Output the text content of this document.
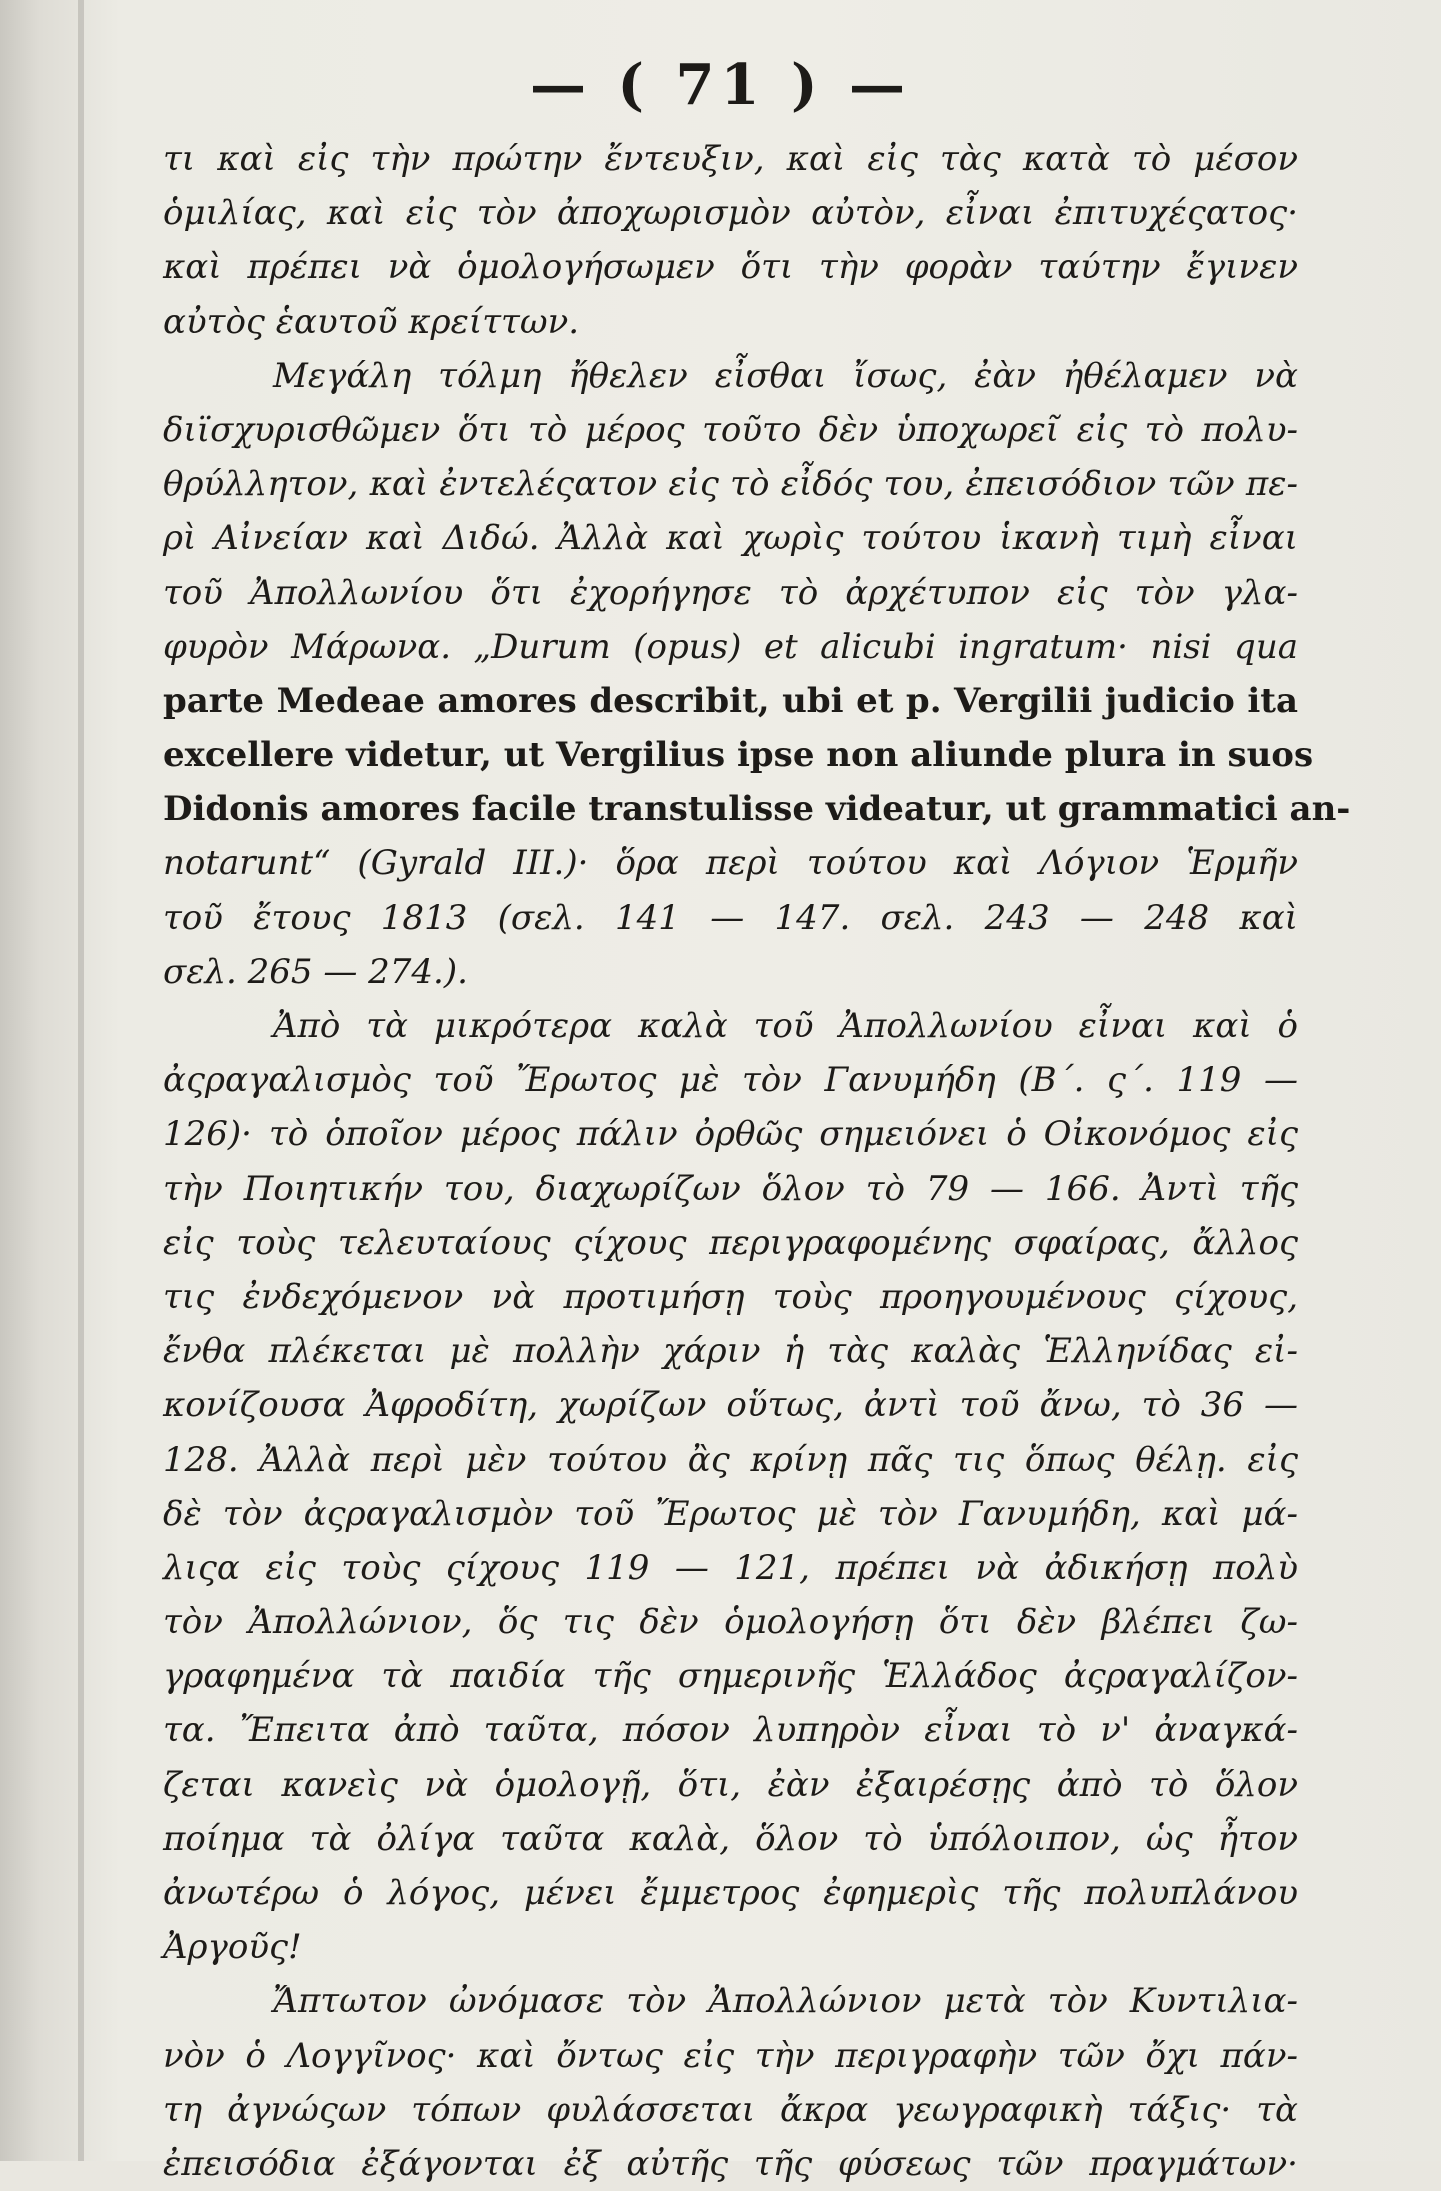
— ( 71 ) —
τι καὶ εἰς τὴν πρώτην ἔντευξιν, καὶ εἰς τὰς κατὰ τὸ μέσον
ὁμιλίας, καὶ εἰς τὸν ἀποχωρισμὸν αὐτὸν, εἶναι ἐπιτυχέςατος·
καὶ πρέπει νὰ ὁμολογήσωμεν ὅτι τὴν φορὰν ταύτην ἔγινεν
αὐτὸς ἑαυτοῦ κρείττων.
Μεγάλη τόλμη ἤθελεν εἶσθαι ἴσως, ἐὰν ἠθέλαμεν νὰ
διϊσχυρισθῶμεν ὅτι τὸ μέρος τοῦτο δὲν ὑποχωρεῖ εἰς τὸ πολυ-
θρύλλητον, καὶ ἐντελέςατον εἰς τὸ εἶδός του, ἐπεισόδιον τῶν πε-
ρὶ Αἰνείαν καὶ Διδώ. Ἀλλὰ καὶ χωρὶς τούτου ἱκανὴ τιμὴ εἶναι
τοῦ Ἀπολλωνίου ὅτι ἐχορήγησε τὸ ἀρχέτυπον εἰς τὸν γλα-
φυρὸν Μάρωνα. „Durum (opus) et alicubi ingratum· nisi qua
parte Medeae amores describit, ubi et p. Vergilii judicio ita
excellere videtur, ut Vergilius ipse non aliunde plura in suos
Didonis amores facile transtulisse videatur, ut grammatici an-
notarunt“ (Gyrald III.)· ὅρα περὶ τούτου καὶ Λόγιον Ἑρμῆν
τοῦ ἔτους 1813 (σελ. 141 — 147. σελ. 243 — 248 καὶ
σελ. 265 — 274.).
Ἀπὸ τὰ μικρότερα καλὰ τοῦ Ἀπολλωνίου εἶναι καὶ ὁ
ἀςραγαλισμὸς τοῦ Ἔρωτος μὲ τὸν Γανυμήδη (Β΄. ς΄. 119 —
126)· τὸ ὁποῖον μέρος πάλιν ὀρθῶς σημειόνει ὁ Οἰκονόμος εἰς
τὴν Ποιητικήν του, διαχωρίζων ὅλον τὸ 79 — 166. Ἀντὶ τῆς
εἰς τοὺς τελευταίους ςίχους περιγραφομένης σφαίρας, ἄλλος
τις ἐνδεχόμενον νὰ προτιμήσῃ τοὺς προηγουμένους ςίχους,
ἔνθα πλέκεται μὲ πολλὴν χάριν ἡ τὰς καλὰς Ἑλληνίδας εἰ-
κονίζουσα Ἀφροδίτη, χωρίζων οὕτως, ἀντὶ τοῦ ἄνω, τὸ 36 —
128. Ἀλλὰ περὶ μὲν τούτου ἂς κρίνῃ πᾶς τις ὅπως θέλῃ. εἰς
δὲ τὸν ἀςραγαλισμὸν τοῦ Ἔρωτος μὲ τὸν Γανυμήδη, καὶ μά-
λιςα εἰς τοὺς ςίχους 119 — 121, πρέπει νὰ ἀδικήσῃ πολὺ
τὸν Ἀπολλώνιον, ὅς τις δὲν ὁμολογήσῃ ὅτι δὲν βλέπει ζω-
γραφημένα τὰ παιδία τῆς σημερινῆς Ἑλλάδος ἀςραγαλίζον-
τα. Ἔπειτα ἀπὸ ταῦτα, πόσον λυπηρὸν εἶναι τὸ ν' ἀναγκά-
ζεται κανεὶς νὰ ὁμολογῇ, ὅτι, ἐὰν ἐξαιρέσῃς ἀπὸ τὸ ὅλον
ποίημα τὰ ὀλίγα ταῦτα καλὰ, ὅλον τὸ ὑπόλοιπον, ὡς ἦτον
ἀνωτέρω ὁ λόγος, μένει ἔμμετρος ἐφημερὶς τῆς πολυπλάνου
Ἀργοῦς!
Ἄπτωτον ὠνόμασε τὸν Ἀπολλώνιον μετὰ τὸν Κυντιλια-
νὸν ὁ Λογγῖνος· καὶ ὄντως εἰς τὴν περιγραφὴν τῶν ὄχι πάν-
τη ἀγνώςων τόπων φυλάσσεται ἄκρα γεωγραφικὴ τάξις· τὰ
ἐπεισόδια ἐξάγονται ἐξ αὐτῆς τῆς φύσεως τῶν πραγμάτων·
